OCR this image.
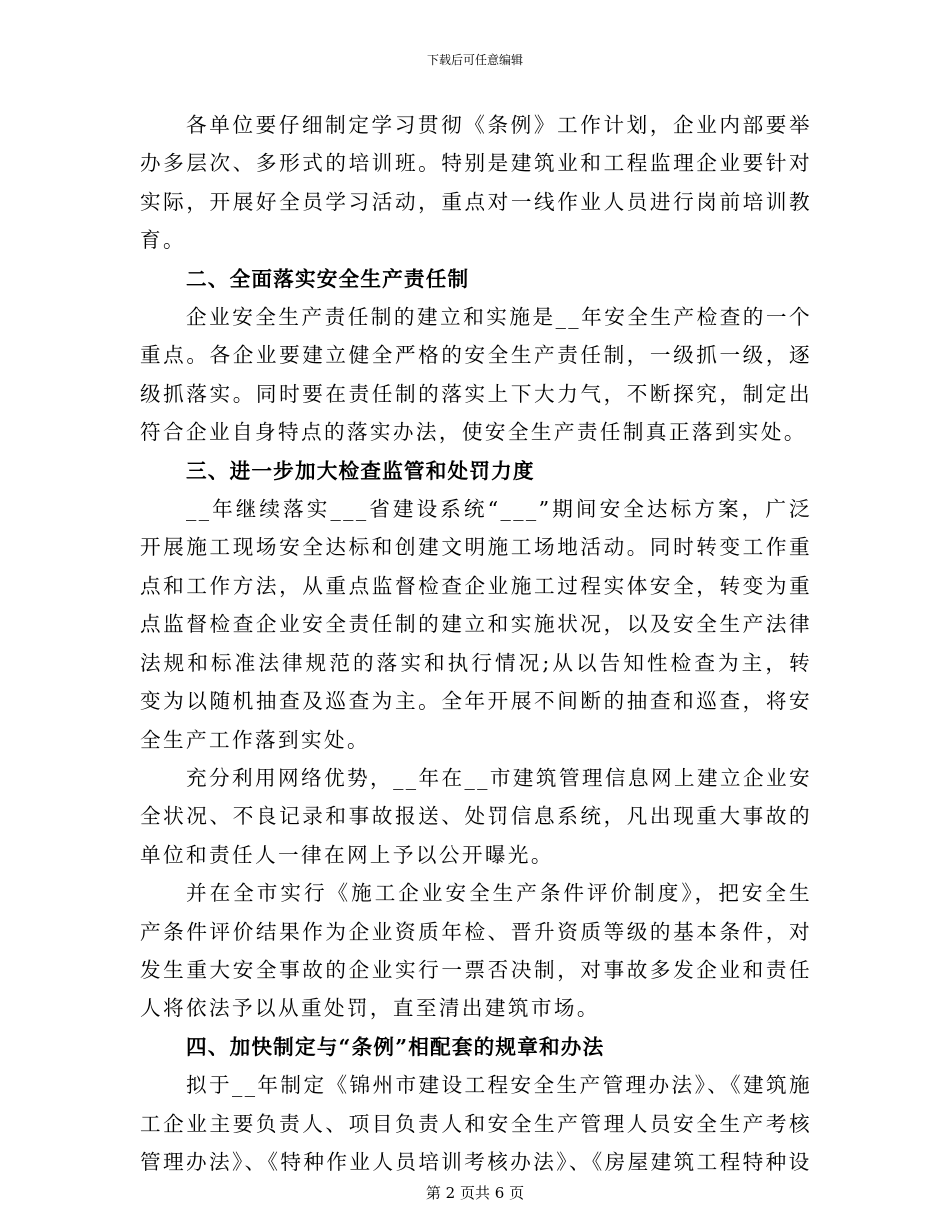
下载后可任意编辑

各单位要仔细制定学习贯彻《条例》工作计划，企业内部要举办多层次、多形式的培训班。特别是建筑业和工程监理企业要针对实际，开展好全员学习活动，重点对一线作业人员进行岗前培训教育。

二、全面落实安全生产责任制

企业安全生产责任制的建立和实施是__年安全生产检查的一个重点。各企业要建立健全严格的安全生产责任制，一级抓一级，逐级抓落实。同时要在责任制的落实上下大力气，不断探究，制定出符合企业自身特点的落实办法，使安全生产责任制真正落到实处。

三、进一步加大检查监管和处罚力度

__年继续落实___省建设系统“___”期间安全达标方案，广泛开展施工现场安全达标和创建文明施工场地活动。同时转变工作重点和工作方法，从重点监督检查企业施工过程实体安全，转变为重点监督检查企业安全责任制的建立和实施状况，以及安全生产法律法规和标准法律规范的落实和执行情况;从以告知性检查为主，转变为以随机抽查及巡查为主。全年开展不间断的抽查和巡查，将安全生产工作落到实处。

充分利用网络优势，__年在__市建筑管理信息网上建立企业安全状况、不良记录和事故报送、处罚信息系统，凡出现重大事故的单位和责任人一律在网上予以公开曝光。

并在全市实行《施工企业安全生产条件评价制度》，把安全生产条件评价结果作为企业资质年检、晋升资质等级的基本条件，对发生重大安全事故的企业实行一票否决制，对事故多发企业和责任人将依法予以从重处罚，直至清出建筑市场。

四、加快制定与“条例”相配套的规章和办法

拟于__年制定《锦州市建设工程安全生产管理办法》、《建筑施工企业主要负责人、项目负责人和安全生产管理人员安全生产考核管理办法》、《特种作业人员培训考核办法》、《房屋建筑工程特种设

第 2 页共 6 页
